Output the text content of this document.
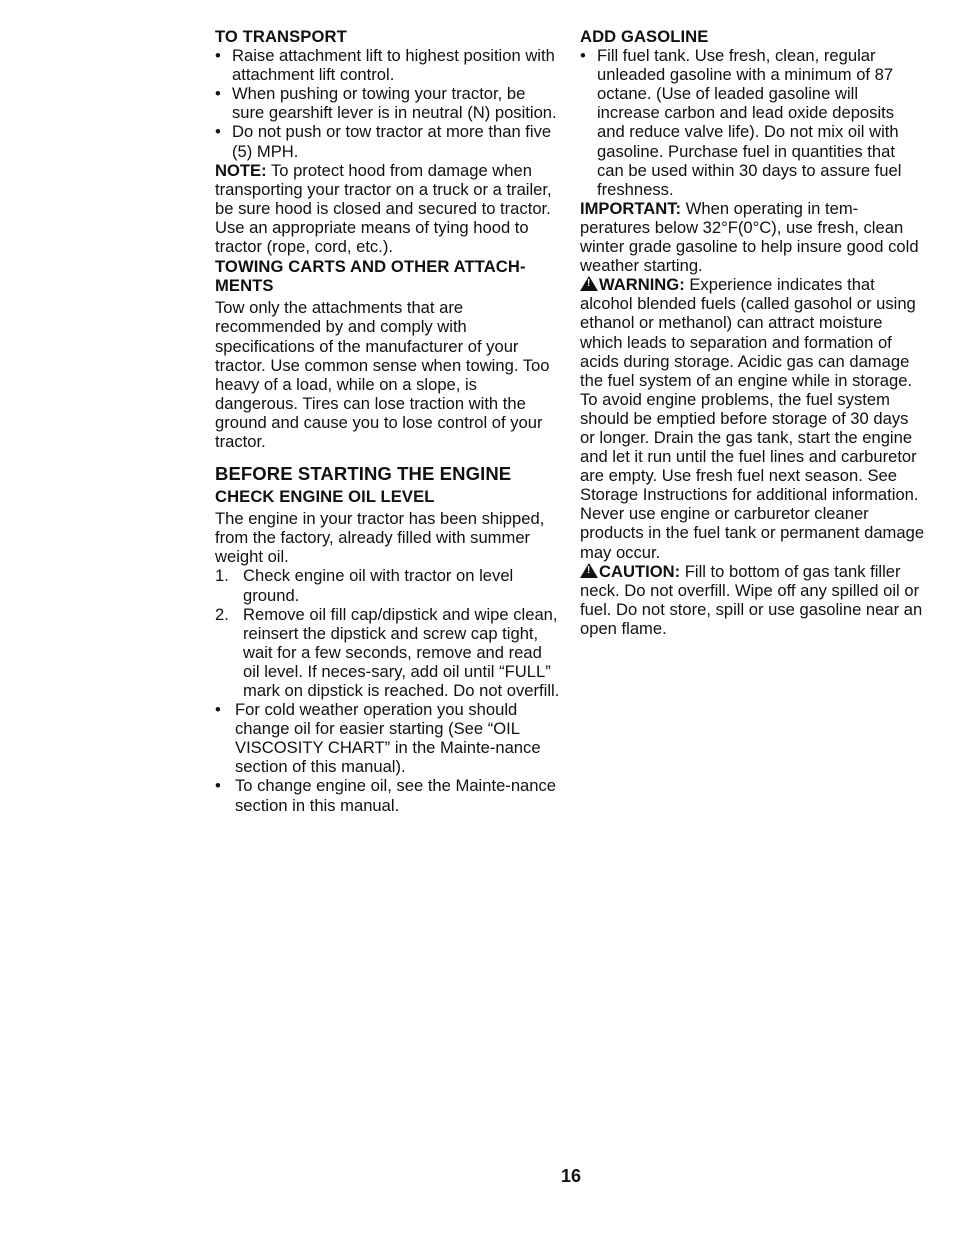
TO TRANSPORT
• Raise attachment lift to highest position with attachment lift control.
• When pushing or towing your tractor, be sure gearshift lever is in neutral (N) position.
• Do not push or tow tractor at more than five (5) MPH.

NOTE: To protect hood from damage when transporting your tractor on a truck or a trailer, be sure hood is closed and secured to tractor. Use an appropriate means of tying hood to tractor (rope, cord, etc.).

TOWING CARTS AND OTHER ATTACH-MENTS

Tow only the attachments that are recommended by and comply with specifications of the manufacturer of your tractor. Use common sense when towing. Too heavy of a load, while on a slope, is dangerous. Tires can lose traction with the ground and cause you to lose control of your tractor.

BEFORE STARTING THE ENGINE
CHECK ENGINE OIL LEVEL

The engine in your tractor has been shipped, from the factory, already filled with summer weight oil.

1. Check engine oil with tractor on level ground.
2. Remove oil fill cap/dipstick and wipe clean, reinsert the dipstick and screw cap tight, wait for a few seconds, remove and read oil level. If neces-sary, add oil until “FULL” mark on dipstick is reached. Do not overfill.
• For cold weather operation you should change oil for easier starting (See “OIL VISCOSITY CHART” in the Mainte-nance section of this manual).
• To change engine oil, see the Mainte-nance section in this manual.
ADD GASOLINE
• Fill fuel tank. Use fresh, clean, regular unleaded gasoline with a minimum of 87 octane. (Use of leaded gasoline will increase carbon and lead oxide deposits and reduce valve life). Do not mix oil with gasoline. Purchase fuel in quantities that can be used within 30 days to assure fuel freshness.

IMPORTANT: When operating in tem-peratures below 32°F(0°C), use fresh, clean winter grade gasoline to help insure good cold weather starting.

!WARNING: Experience indicates that alcohol blended fuels (called gasohol or using ethanol or methanol) can attract moisture which leads to separation and formation of acids during storage. Acidic gas can damage the fuel system of an engine while in storage. To avoid engine problems, the fuel system should be emptied before storage of 30 days or longer. Drain the gas tank, start the engine and let it run until the fuel lines and carburetor are empty. Use fresh fuel next season. See Storage Instructions for additional information. Never use engine or carburetor cleaner products in the fuel tank or permanent damage may occur.

!CAUTION: Fill to bottom of gas tank filler neck. Do not overfill. Wipe off any spilled oil or fuel. Do not store, spill or use gasoline near an open flame.

16
